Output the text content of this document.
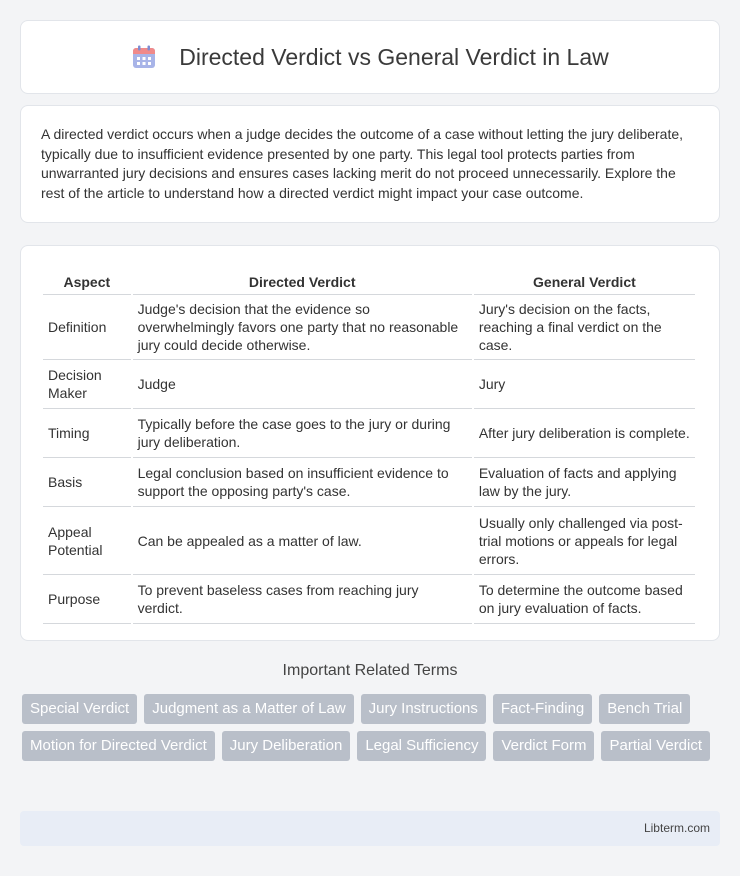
Directed Verdict vs General Verdict in Law

A directed verdict occurs when a judge decides the outcome of a case without letting the jury deliberate, typically due to insufficient evidence presented by one party. This legal tool protects parties from unwarranted jury decisions and ensures cases lacking merit do not proceed unnecessarily. Explore the rest of the article to understand how a directed verdict might impact your case outcome.

Aspect	Directed Verdict	General Verdict
Definition	Judge's decision that the evidence so overwhelmingly favors one party that no reasonable jury could decide otherwise.	Jury's decision on the facts, reaching a final verdict on the case.
Decision Maker	Judge	Jury
Timing	Typically before the case goes to the jury or during jury deliberation.	After jury deliberation is complete.
Basis	Legal conclusion based on insufficient evidence to support the opposing party's case.	Evaluation of facts and applying law by the jury.
Appeal Potential	Can be appealed as a matter of law.	Usually only challenged via post-trial motions or appeals for legal errors.
Purpose	To prevent baseless cases from reaching jury verdict.	To determine the outcome based on jury evaluation of facts.
Important Related Terms
Special Verdict	Judgment as a Matter of Law	Jury Instructions	Fact-Finding	Bench Trial
Motion for Directed Verdict	Jury Deliberation	Legal Sufficiency	Verdict Form	Partial Verdict
Libterm.com
